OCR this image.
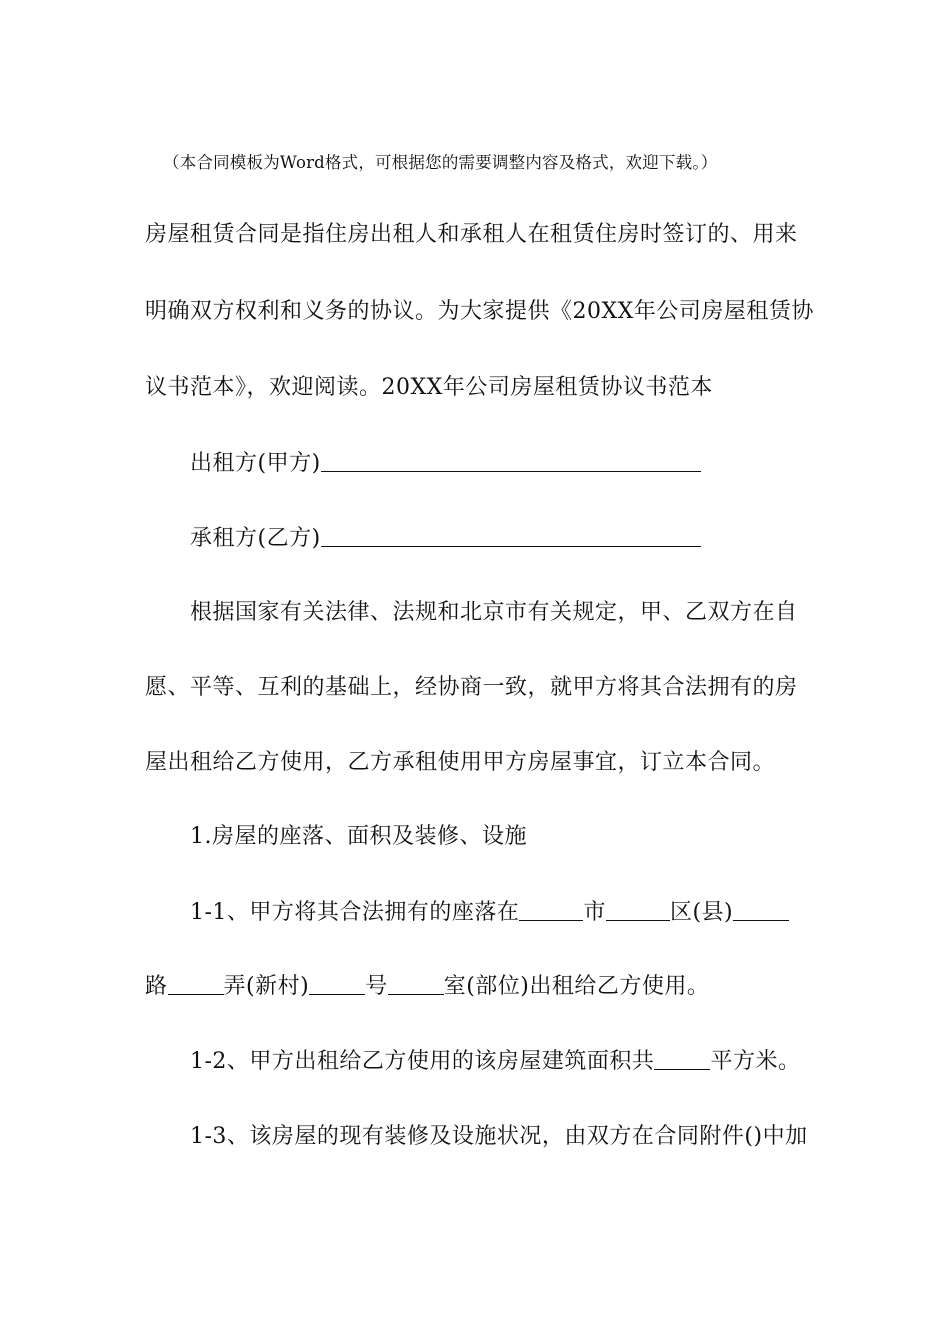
（本合同模板为Word格式，可根据您的需要调整内容及格式，欢迎下载。）
房屋租赁合同是指住房出租人和承租人在租赁住房时签订的、用来
明确双方权利和义务的协议。为大家提供《20XX年公司房屋租赁协
议书范本》，欢迎阅读。20XX年公司房屋租赁协议书范本
出租方(甲方)
承租方(乙方)
根据国家有关法律、法规和北京市有关规定，甲、乙双方在自
愿、平等、互利的基础上，经协商一致，就甲方将其合法拥有的房
屋出租给乙方使用，乙方承租使用甲方房屋事宜，订立本合同。
1.房屋的座落、面积及装修、设施
1-1、甲方将其合法拥有的座落在	市	区(县)
路	弄(新村)	号	室(部位)出租给乙方使用。
1-2、甲方出租给乙方使用的该房屋建筑面积共	平方米。
1-3、该房屋的现有装修及设施状况，由双方在合同附件()中加
